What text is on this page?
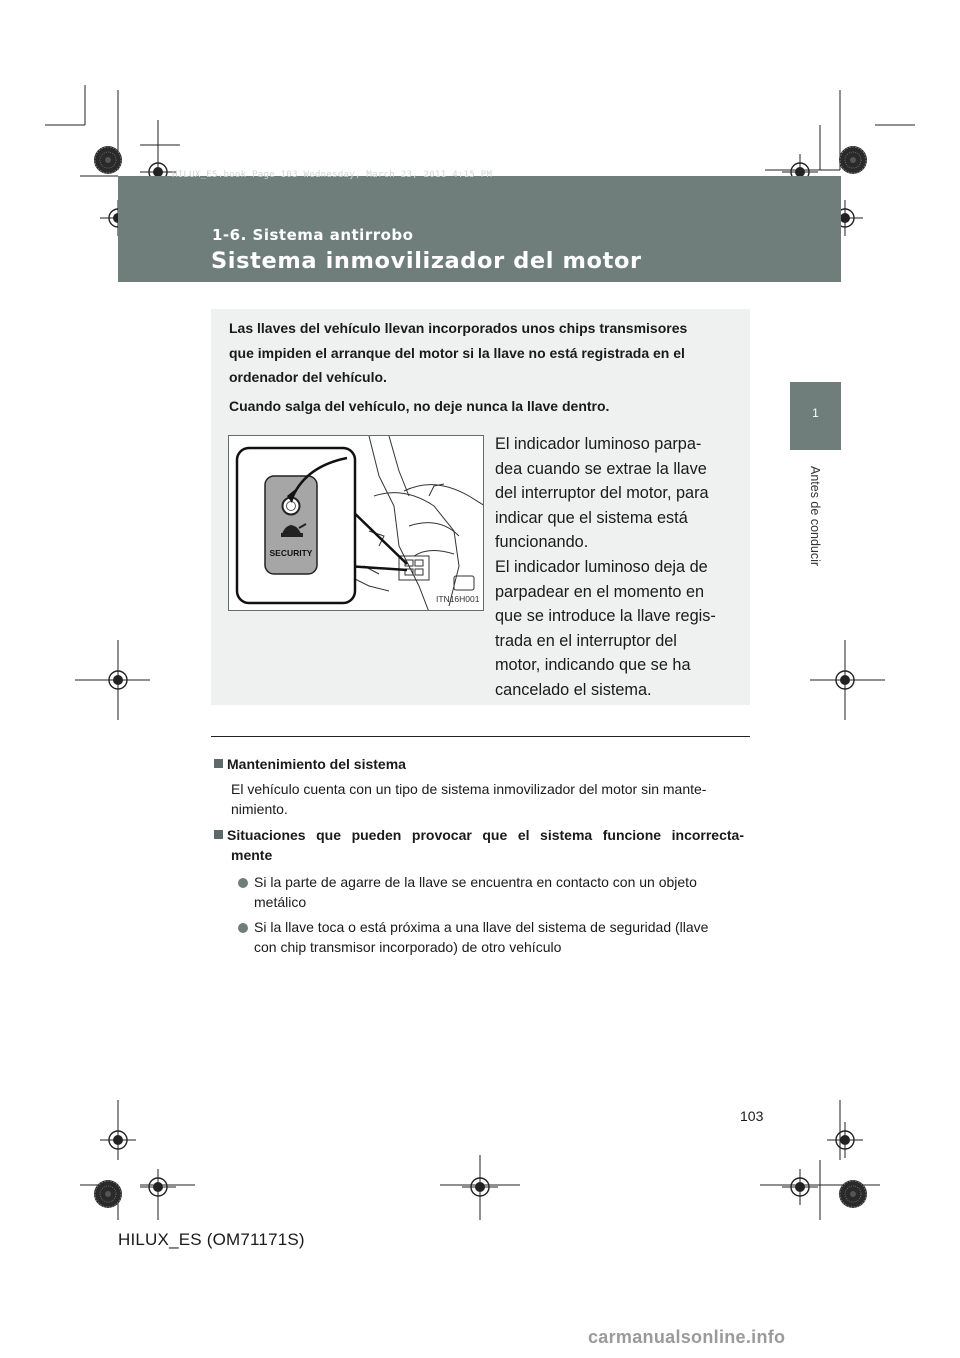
HILUX_ES.book Page 103 Wednesday, March 23, 2011 4:15 PM
1-6. Sistema antirrobo
Sistema inmovilizador del motor
1
Antes de conducir
Las llaves del vehículo llevan incorporados unos chips transmisores
que impiden el arranque del motor si la llave no está registrada en el
ordenador del vehículo.
Cuando salga del vehículo, no deje nunca la llave dentro.
SECURITY
ITN16H001

El indicador luminoso parpa-

dea cuando se extrae la llave

del interruptor del motor, para

indicar que el sistema está

funcionando.

El indicador luminoso deja de

parpadear en el momento en

que se introduce la llave regis-

trada en el interruptor del

motor, indicando que se ha

cancelado el sistema.

Mantenimiento del sistema
El vehículo cuenta con un tipo de sistema inmovilizador del motor sin mante-
nimiento.
Situaciones que pueden provocar que el sistema funcione incorrecta-
mente
Si la parte de agarre de la llave se encuentra en contacto con un objeto
metálico
Si la llave toca o está próxima a una llave del sistema de seguridad (llave
con chip transmisor incorporado) de otro vehículo
103
HILUX_ES (OM71171S)
carmanualsonline.info
